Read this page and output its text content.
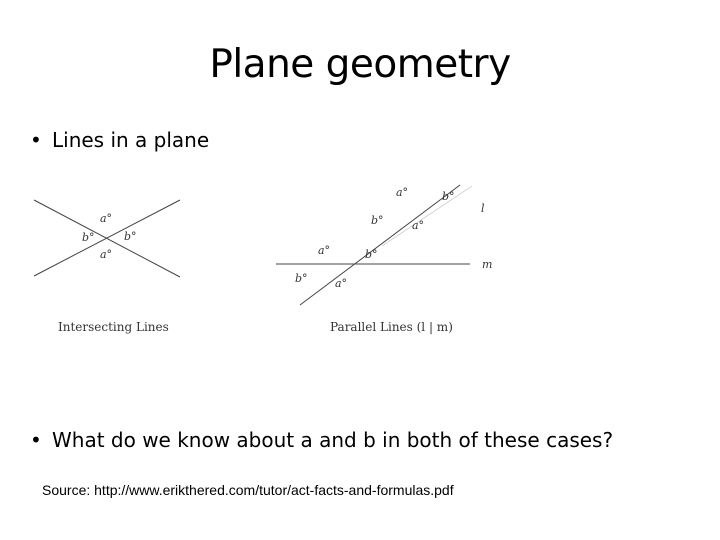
Plane geometry
• Lines in a plane
a°
b°	b°
a°
Intersecting Lines
a°	b°
b°	a°
l
a°	b°
b° a°
m
Parallel Lines (l | m)
• What do we know about a and b in both of these cases?
Source: http://www.erikthered.com/tutor/act-facts-and-formulas.pdf
